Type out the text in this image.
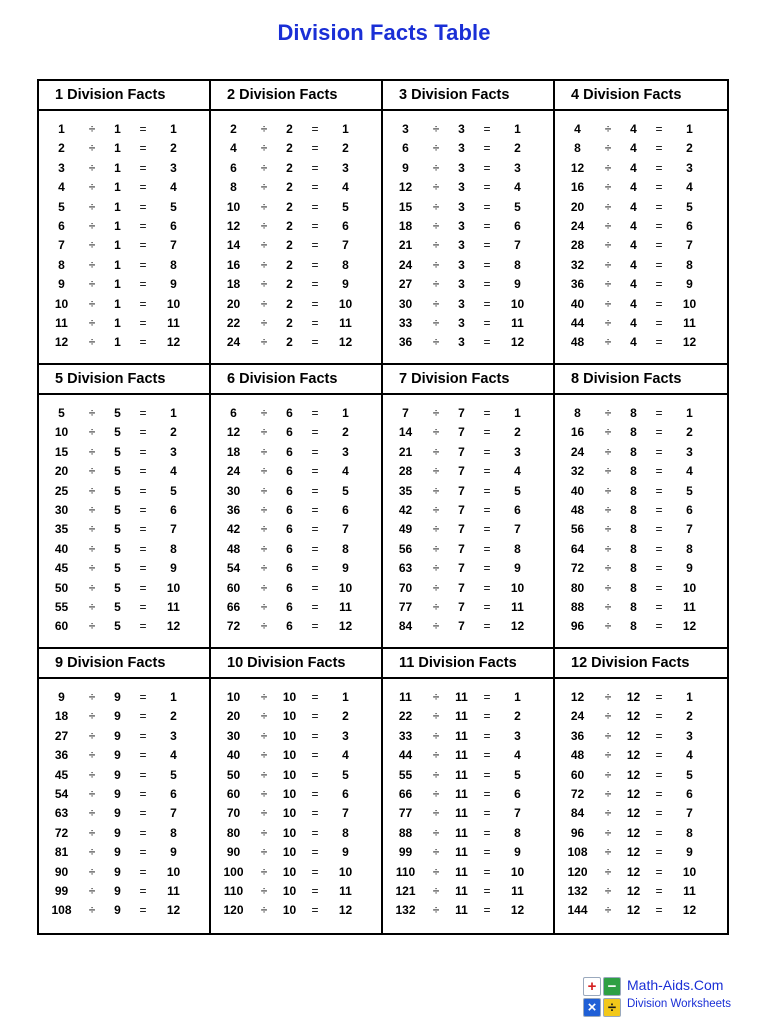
Division Facts Table
1 Division Facts
1	÷	1	=	1
2	÷	1	=	2
3	÷	1	=	3
4	÷	1	=	4
5	÷	1	=	5
6	÷	1	=	6
7	÷	1	=	7
8	÷	1	=	8
9	÷	1	=	9
10	÷	1	=	10
11	÷	1	=	11
12	÷	1	=	12
2 Division Facts
2	÷	2	=	1
4	÷	2	=	2
6	÷	2	=	3
8	÷	2	=	4
10	÷	2	=	5
12	÷	2	=	6
14	÷	2	=	7
16	÷	2	=	8
18	÷	2	=	9
20	÷	2	=	10
22	÷	2	=	11
24	÷	2	=	12
3 Division Facts
3	÷	3	=	1
6	÷	3	=	2
9	÷	3	=	3
12	÷	3	=	4
15	÷	3	=	5
18	÷	3	=	6
21	÷	3	=	7
24	÷	3	=	8
27	÷	3	=	9
30	÷	3	=	10
33	÷	3	=	11
36	÷	3	=	12
4 Division Facts
4	÷	4	=	1
8	÷	4	=	2
12	÷	4	=	3
16	÷	4	=	4
20	÷	4	=	5
24	÷	4	=	6
28	÷	4	=	7
32	÷	4	=	8
36	÷	4	=	9
40	÷	4	=	10
44	÷	4	=	11
48	÷	4	=	12
5 Division Facts
5	÷	5	=	1
10	÷	5	=	2
15	÷	5	=	3
20	÷	5	=	4
25	÷	5	=	5
30	÷	5	=	6
35	÷	5	=	7
40	÷	5	=	8
45	÷	5	=	9
50	÷	5	=	10
55	÷	5	=	11
60	÷	5	=	12
6 Division Facts
6	÷	6	=	1
12	÷	6	=	2
18	÷	6	=	3
24	÷	6	=	4
30	÷	6	=	5
36	÷	6	=	6
42	÷	6	=	7
48	÷	6	=	8
54	÷	6	=	9
60	÷	6	=	10
66	÷	6	=	11
72	÷	6	=	12
7 Division Facts
7	÷	7	=	1
14	÷	7	=	2
21	÷	7	=	3
28	÷	7	=	4
35	÷	7	=	5
42	÷	7	=	6
49	÷	7	=	7
56	÷	7	=	8
63	÷	7	=	9
70	÷	7	=	10
77	÷	7	=	11
84	÷	7	=	12
8 Division Facts
8	÷	8	=	1
16	÷	8	=	2
24	÷	8	=	3
32	÷	8	=	4
40	÷	8	=	5
48	÷	8	=	6
56	÷	8	=	7
64	÷	8	=	8
72	÷	8	=	9
80	÷	8	=	10
88	÷	8	=	11
96	÷	8	=	12
9 Division Facts
9	÷	9	=	1
18	÷	9	=	2
27	÷	9	=	3
36	÷	9	=	4
45	÷	9	=	5
54	÷	9	=	6
63	÷	9	=	7
72	÷	9	=	8
81	÷	9	=	9
90	÷	9	=	10
99	÷	9	=	11
108	÷	9	=	12
10 Division Facts
10	÷	10	=	1
20	÷	10	=	2
30	÷	10	=	3
40	÷	10	=	4
50	÷	10	=	5
60	÷	10	=	6
70	÷	10	=	7
80	÷	10	=	8
90	÷	10	=	9
100	÷	10	=	10
110	÷	10	=	11
120	÷	10	=	12
11 Division Facts
11	÷	11	=	1
22	÷	11	=	2
33	÷	11	=	3
44	÷	11	=	4
55	÷	11	=	5
66	÷	11	=	6
77	÷	11	=	7
88	÷	11	=	8
99	÷	11	=	9
110	÷	11	=	10
121	÷	11	=	11
132	÷	11	=	12
12 Division Facts
12	÷	12	=	1
24	÷	12	=	2
36	÷	12	=	3
48	÷	12	=	4
60	÷	12	=	5
72	÷	12	=	6
84	÷	12	=	7
96	÷	12	=	8
108	÷	12	=	9
120	÷	12	=	10
132	÷	12	=	11
144	÷	12	=	12
+ −
× ÷
Math-Aids.Com
Division Worksheets
